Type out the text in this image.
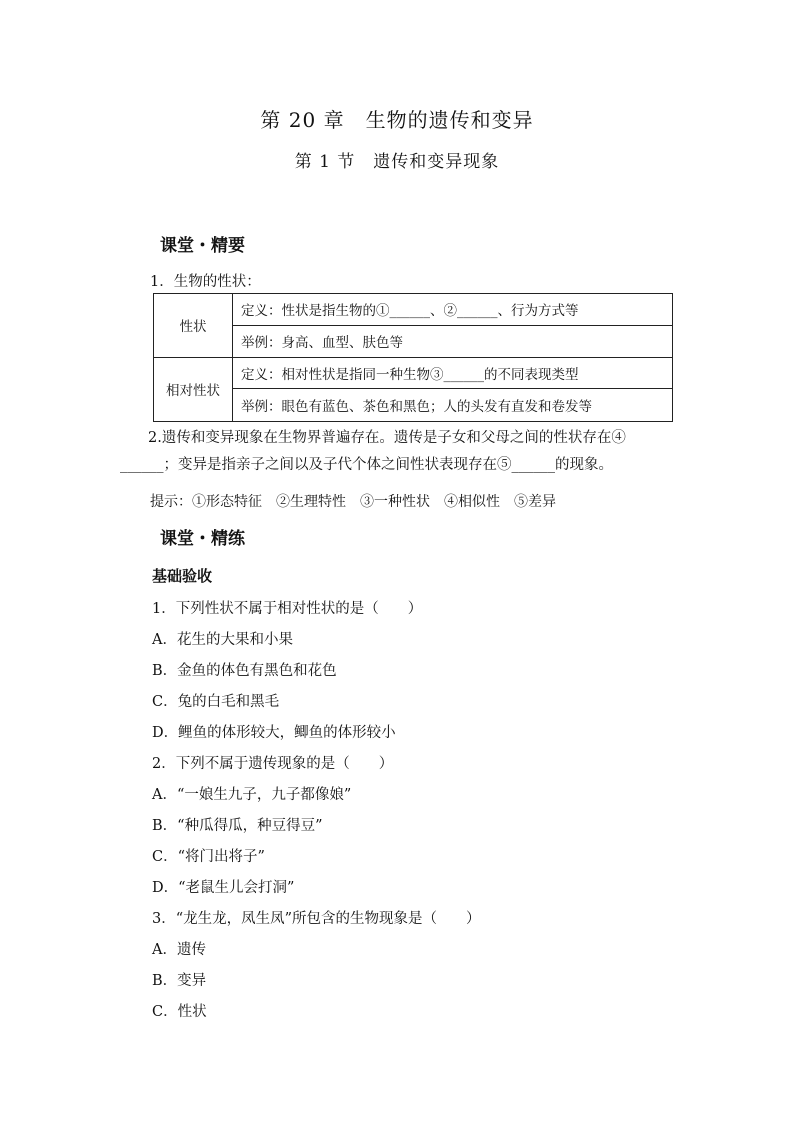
第 20 章　生物的遗传和变异
第 1 节　遗传和变异现象
课堂・精要
1．生物的性状：
性状
定义：性状是指生物的①______、②______、行为方式等
举例：身高、血型、肤色等
相对性状
定义：相对性状是指同一种生物③______的不同表现类型
举例：眼色有蓝色、茶色和黑色；人的头发有直发和卷发等
2.遗传和变异现象在生物界普遍存在。遗传是子女和父母之间的性状存在④
______；变异是指亲子之间以及子代个体之间性状表现存在⑤______的现象。
提示：①形态特征　②生理特性　③一种性状　④相似性　⑤差异
课堂・精练
基础验收
1．下列性状不属于相对性状的是（　　）
A．花生的大果和小果
B．金鱼的体色有黑色和花色
C．兔的白毛和黑毛
D．鲤鱼的体形较大，鲫鱼的体形较小
2．下列不属于遗传现象的是（　　）
A．“一娘生九子，九子都像娘”
B．“种瓜得瓜，种豆得豆”
C．“将门出将子”
D．“老鼠生儿会打洞”
3．“龙生龙，凤生凤”所包含的生物现象是（　　）
A．遗传
B．变异
C．性状
